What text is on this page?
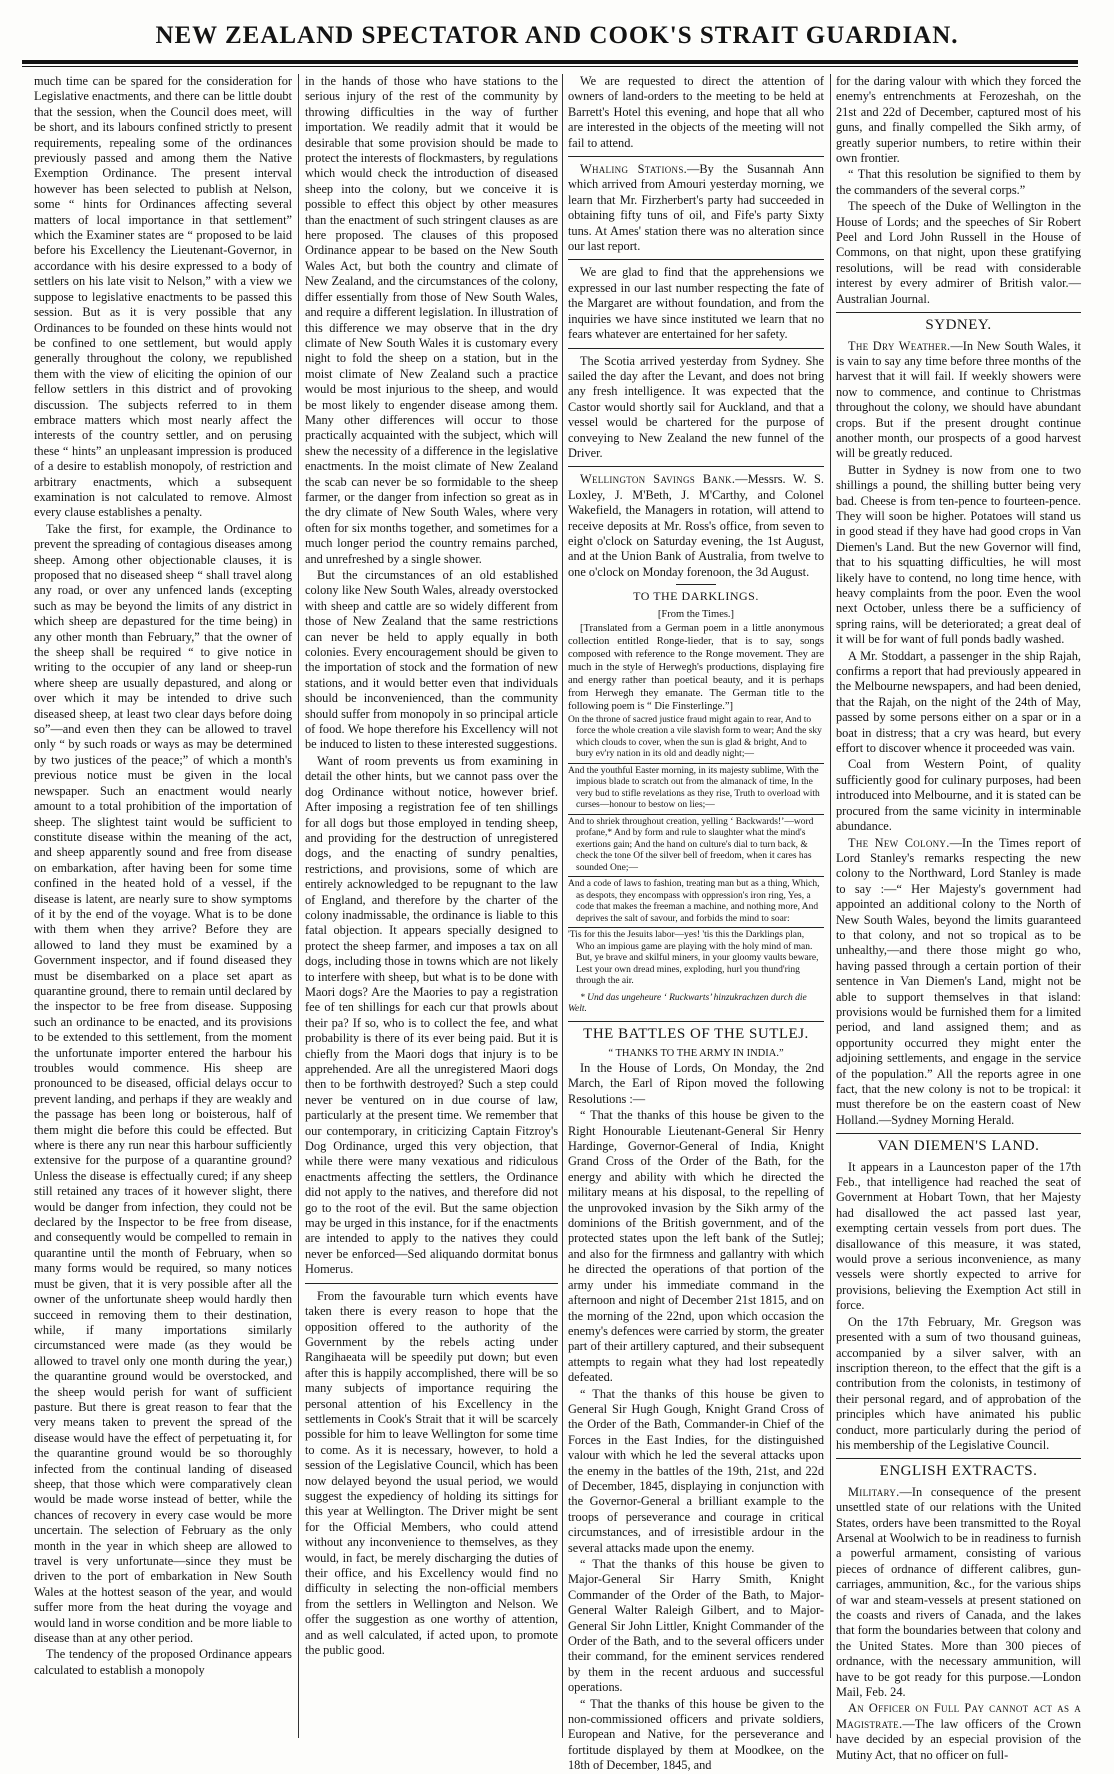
NEW ZEALAND SPECTATOR AND COOK'S STRAIT GUARDIAN.

much time can be spared for the consideration for Legislative enactments, and there can be little doubt that the session, when the Council does meet, will be short, and its labours confined strictly to present requirements, repealing some of the ordinances previously passed and among them the Native Exemption Ordinance. The present interval however has been selected to publish at Nelson, some “ hints for Ordinances affecting several matters of local importance in that settlement” which the Examiner states are “ proposed to be laid before his Excellency the Lieutenant-Governor, in accordance with his desire expressed to a body of settlers on his late visit to Nelson,” with a view we suppose to legislative enactments to be passed this session. But as it is very possible that any Ordinances to be founded on these hints would not be confined to one settlement, but would apply generally throughout the colony, we republished them with the view of eliciting the opinion of our fellow settlers in this district and of provoking discussion. The subjects referred to in them embrace matters which most nearly affect the interests of the country settler, and on perusing these “ hints” an unpleasant impression is produced of a desire to establish monopoly, of restriction and arbitrary enactments, which a subsequent examination is not calculated to remove. Almost every clause establishes a penalty.

Take the first, for example, the Ordinance to prevent the spreading of contagious diseases among sheep. Among other objectionable clauses, it is proposed that no diseased sheep “ shall travel along any road, or over any unfenced lands (excepting such as may be beyond the limits of any district in which sheep are depastured for the time being) in any other month than February,” that the owner of the sheep shall be required “ to give notice in writing to the occupier of any land or sheep-run where sheep are usually depastured, and along or over which it may be intended to drive such diseased sheep, at least two clear days before doing so”—and even then they can be allowed to travel only “ by such roads or ways as may be determined by two justices of the peace;” of which a month's previous notice must be given in the local newspaper. Such an enactment would nearly amount to a total prohibition of the importation of sheep. The slightest taint would be sufficient to constitute disease within the meaning of the act, and sheep apparently sound and free from disease on embarkation, after having been for some time confined in the heated hold of a vessel, if the disease is latent, are nearly sure to show symptoms of it by the end of the voyage. What is to be done with them when they arrive? Before they are allowed to land they must be examined by a Government inspector, and if found diseased they must be disembarked on a place set apart as quarantine ground, there to remain until declared by the inspector to be free from disease. Supposing such an ordinance to be enacted, and its provisions to be extended to this settlement, from the moment the unfortunate importer entered the harbour his troubles would commence. His sheep are pronounced to be diseased, official delays occur to prevent landing, and perhaps if they are weakly and the passage has been long or boisterous, half of them might die before this could be effected. But where is there any run near this harbour sufficiently extensive for the purpose of a quarantine ground? Unless the disease is effectually cured; if any sheep still retained any traces of it however slight, there would be danger from infection, they could not be declared by the Inspector to be free from disease, and consequently would be compelled to remain in quarantine until the month of February, when so many forms would be required, so many notices must be given, that it is very possible after all the owner of the unfortunate sheep would hardly then succeed in removing them to their destination, while, if many importations similarly circumstanced were made (as they would be allowed to travel only one month during the year,) the quarantine ground would be overstocked, and the sheep would perish for want of sufficient pasture. But there is great reason to fear that the very means taken to prevent the spread of the disease would have the effect of perpetuating it, for the quarantine ground would be so thoroughly infected from the continual landing of diseased sheep, that those which were comparatively clean would be made worse instead of better, while the chances of recovery in every case would be more uncertain. The selection of February as the only month in the year in which sheep are allowed to travel is very unfortunate—since they must be driven to the port of embarkation in New South Wales at the hottest season of the year, and would suffer more from the heat during the voyage and would land in worse condition and be more liable to disease than at any other period.

The tendency of the proposed Ordinance appears calculated to establish a monopoly

in the hands of those who have stations to the serious injury of the rest of the community by throwing difficulties in the way of further importation. We readily admit that it would be desirable that some provision should be made to protect the interests of flockmasters, by regulations which would check the introduction of diseased sheep into the colony, but we conceive it is possible to effect this object by other measures than the enactment of such stringent clauses as are here proposed. The clauses of this proposed Ordinance appear to be based on the New South Wales Act, but both the country and climate of New Zealand, and the circumstances of the colony, differ essentially from those of New South Wales, and require a different legislation. In illustration of this difference we may observe that in the dry climate of New South Wales it is customary every night to fold the sheep on a station, but in the moist climate of New Zealand such a practice would be most injurious to the sheep, and would be most likely to engender disease among them. Many other differences will occur to those practically acquainted with the subject, which will shew the necessity of a difference in the legislative enactments. In the moist climate of New Zealand the scab can never be so formidable to the sheep farmer, or the danger from infection so great as in the dry climate of New South Wales, where very often for six months together, and sometimes for a much longer period the country remains parched, and unrefreshed by a single shower.

But the circumstances of an old established colony like New South Wales, already overstocked with sheep and cattle are so widely different from those of New Zealand that the same restrictions can never be held to apply equally in both colonies. Every encouragement should be given to the importation of stock and the formation of new stations, and it would better even that individuals should be inconvenienced, than the community should suffer from monopoly in so principal article of food. We hope therefore his Excellency will not be induced to listen to these interested suggestions.

Want of room prevents us from examining in detail the other hints, but we cannot pass over the dog Ordinance without notice, however brief. After imposing a registration fee of ten shillings for all dogs but those employed in tending sheep, and providing for the destruction of unregistered dogs, and the enacting of sundry penalties, restrictions, and provisions, some of which are entirely acknowledged to be repugnant to the law of England, and therefore by the charter of the colony inadmissable, the ordinance is liable to this fatal objection. It appears specially designed to protect the sheep farmer, and imposes a tax on all dogs, including those in towns which are not likely to interfere with sheep, but what is to be done with Maori dogs? Are the Maories to pay a registration fee of ten shillings for each cur that prowls about their pa? If so, who is to collect the fee, and what probability is there of its ever being paid. But it is chiefly from the Maori dogs that injury is to be apprehended. Are all the unregistered Maori dogs then to be forthwith destroyed? Such a step could never be ventured on in due course of law, particularly at the present time. We remember that our contemporary, in criticizing Captain Fitzroy's Dog Ordinance, urged this very objection, that while there were many vexatious and ridiculous enactments affecting the settlers, the Ordinance did not apply to the natives, and therefore did not go to the root of the evil. But the same objection may be urged in this instance, for if the enactments are intended to apply to the natives they could never be enforced—Sed aliquando dormitat bonus Homerus.

From the favourable turn which events have taken there is every reason to hope that the opposition offered to the authority of the Government by the rebels acting under Rangihaeata will be speedily put down; but even after this is happily accomplished, there will be so many subjects of importance requiring the personal attention of his Excellency in the settlements in Cook's Strait that it will be scarcely possible for him to leave Wellington for some time to come. As it is necessary, however, to hold a session of the Legislative Council, which has been now delayed beyond the usual period, we would suggest the expediency of holding its sittings for this year at Wellington. The Driver might be sent for the Official Members, who could attend without any inconvenience to themselves, as they would, in fact, be merely discharging the duties of their office, and his Excellency would find no difficulty in selecting the non-official members from the settlers in Wellington and Nelson. We offer the suggestion as one worthy of attention, and as well calculated, if acted upon, to promote the public good.

We are requested to direct the attention of owners of land-orders to the meeting to be held at Barrett's Hotel this evening, and hope that all who are interested in the objects of the meeting will not fail to attend.

Whaling Stations.—By the Susannah Ann which arrived from Amouri yesterday morning, we learn that Mr. Firzherbert's party had succeeded in obtaining fifty tuns of oil, and Fife's party Sixty tuns. At Ames' station there was no alteration since our last report.

We are glad to find that the apprehensions we expressed in our last number respecting the fate of the Margaret are without foundation, and from the inquiries we have since instituted we learn that no fears whatever are entertained for her safety.

The Scotia arrived yesterday from Sydney. She sailed the day after the Levant, and does not bring any fresh intelligence. It was expected that the Castor would shortly sail for Auckland, and that a vessel would be chartered for the purpose of conveying to New Zealand the new funnel of the Driver.

Wellington Savings Bank.—Messrs. W. S. Loxley, J. M'Beth, J. M'Carthy, and Colonel Wakefield, the Managers in rotation, will attend to receive deposits at Mr. Ross's office, from seven to eight o'clock on Saturday evening, the 1st August, and at the Union Bank of Australia, from twelve to one o'clock on Monday forenoon, the 3d August.

TO THE DARKLINGS.

[From the Times.]

[Translated from a German poem in a little anonymous collection entitled Ronge-lieder, that is to say, songs composed with reference to the Ronge movement. They are much in the style of Herwegh's productions, displaying fire and energy rather than poetical beauty, and it is perhaps from Herwegh they emanate. The German title to the following poem is “ Die Finsterlinge.”]

On the throne of sacred justice fraud might again to rear, And to force the whole creation a vile slavish form to wear; And the sky which clouds to cover, when the sun is glad & bright, And to bury ev'ry nation in its old and deadly night;—
And the youthful Easter morning, in its majesty sublime, With the impious blade to scratch out from the almanack of time, In the very bud to stifle revelations as they rise, Truth to overload with curses—honour to bestow on lies;—
And to shriek throughout creation, yelling ‘ Backwards!’—word profane,* And by form and rule to slaughter what the mind's exertions gain; And the hand on culture's dial to turn back, & check the tone Of the silver bell of freedom, when it cares has sounded One;—
And a code of laws to fashion, treating man but as a thing, Which, as despots, they encompass with oppression's iron ring, Yes, a code that makes the freeman a machine, and nothing more, And deprives the salt of savour, and forbids the mind to soar:
'Tis for this the Jesuits labor—yes! 'tis this the Darklings plan, Who an impious game are playing with the holy mind of man. But, ye brave and skilful miners, in your gloomy vaults beware, Lest your own dread mines, exploding, hurl you thund'ring through the air.

* Und das ungeheure ‘ Ruckwarts’ hinzukrachzen durch die Welt.

THE BATTLES OF THE SUTLEJ.

“ THANKS TO THE ARMY IN INDIA.”

In the House of Lords, On Monday, the 2nd March, the Earl of Ripon moved the following Resolutions :—

“ That the thanks of this house be given to the Right Honourable Lieutenant-General Sir Henry Hardinge, Governor-General of India, Knight Grand Cross of the Order of the Bath, for the energy and ability with which he directed the military means at his disposal, to the repelling of the unprovoked invasion by the Sikh army of the dominions of the British government, and of the protected states upon the left bank of the Sutlej; and also for the firmness and gallantry with which he directed the operations of that portion of the army under his immediate command in the afternoon and night of December 21st 1815, and on the morning of the 22nd, upon which occasion the enemy's defences were carried by storm, the greater part of their artillery captured, and their subsequent attempts to regain what they had lost repeatedly defeated.

“ That the thanks of this house be given to General Sir Hugh Gough, Knight Grand Cross of the Order of the Bath, Commander-in Chief of the Forces in the East Indies, for the distinguished valour with which he led the several attacks upon the enemy in the battles of the 19th, 21st, and 22d of December, 1845, displaying in conjunction with the Governor-General a brilliant example to the troops of perseverance and courage in critical circumstances, and of irresistible ardour in the several attacks made upon the enemy.

“ That the thanks of this house be given to Major-General Sir Harry Smith, Knight Commander of the Order of the Bath, to Major-General Walter Raleigh Gilbert, and to Major-General Sir John Littler, Knight Commander of the Order of the Bath, and to the several officers under their command, for the eminent services rendered by them in the recent arduous and successful operations.

“ That the thanks of this house be given to the non-commissioned officers and private soldiers, European and Native, for the perseverance and fortitude displayed by them at Moodkee, on the 18th of December, 1845, and

for the daring valour with which they forced the enemy's entrenchments at Ferozeshah, on the 21st and 22d of December, captured most of his guns, and finally compelled the Sikh army, of greatly superior numbers, to retire within their own frontier.

“ That this resolution be signified to them by the commanders of the several corps.”

The speech of the Duke of Wellington in the House of Lords; and the speeches of Sir Robert Peel and Lord John Russell in the House of Commons, on that night, upon these gratifying resolutions, will be read with considerable interest by every admirer of British valor.—Australian Journal.

SYDNEY.

The Dry Weather.—In New South Wales, it is vain to say any time before three months of the harvest that it will fail. If weekly showers were now to commence, and continue to Christmas throughout the colony, we should have abundant crops. But if the present drought continue another month, our prospects of a good harvest will be greatly reduced.

Butter in Sydney is now from one to two shillings a pound, the shilling butter being very bad. Cheese is from ten-pence to fourteen-pence. They will soon be higher. Potatoes will stand us in good stead if they have had good crops in Van Diemen's Land. But the new Governor will find, that to his squatting difficulties, he will most likely have to contend, no long time hence, with heavy complaints from the poor. Even the wool next October, unless there be a sufficiency of spring rains, will be deteriorated; a great deal of it will be for want of full ponds badly washed.

A Mr. Stoddart, a passenger in the ship Rajah, confirms a report that had previously appeared in the Melbourne newspapers, and had been denied, that the Rajah, on the night of the 24th of May, passed by some persons either on a spar or in a boat in distress; that a cry was heard, but every effort to discover whence it proceeded was vain.

Coal from Western Point, of quality sufficiently good for culinary purposes, had been introduced into Melbourne, and it is stated can be procured from the same vicinity in interminable abundance.

The New Colony.—In the Times report of Lord Stanley's remarks respecting the new colony to the Northward, Lord Stanley is made to say :—“ Her Majesty's government had appointed an additional colony to the North of New South Wales, beyond the limits guaranteed to that colony, and not so tropical as to be unhealthy,—and there those might go who, having passed through a certain portion of their sentence in Van Diemen's Land, might not be able to support themselves in that island: provisions would be furnished them for a limited period, and land assigned them; and as opportunity occurred they might enter the adjoining settlements, and engage in the service of the population.” All the reports agree in one fact, that the new colony is not to be tropical: it must therefore be on the eastern coast of New Holland.—Sydney Morning Herald.

VAN DIEMEN'S LAND.

It appears in a Launceston paper of the 17th Feb., that intelligence had reached the seat of Government at Hobart Town, that her Majesty had disallowed the act passed last year, exempting certain vessels from port dues. The disallowance of this measure, it was stated, would prove a serious inconvenience, as many vessels were shortly expected to arrive for provisions, believing the Exemption Act still in force.

On the 17th February, Mr. Gregson was presented with a sum of two thousand guineas, accompanied by a silver salver, with an inscription thereon, to the effect that the gift is a contribution from the colonists, in testimony of their personal regard, and of approbation of the principles which have animated his public conduct, more particularly during the period of his membership of the Legislative Council.

ENGLISH EXTRACTS.

Military.—In consequence of the present unsettled state of our relations with the United States, orders have been transmitted to the Royal Arsenal at Woolwich to be in readiness to furnish a powerful armament, consisting of various pieces of ordnance of different calibres, gun-carriages, ammunition, &c., for the various ships of war and steam-vessels at present stationed on the coasts and rivers of Canada, and the lakes that form the boundaries between that colony and the United States. More than 300 pieces of ordnance, with the necessary ammunition, will have to be got ready for this purpose.—London Mail, Feb. 24.

An Officer on Full Pay cannot act as a Magistrate.—The law officers of the Crown have decided by an especial provision of the Mutiny Act, that no officer on full-
